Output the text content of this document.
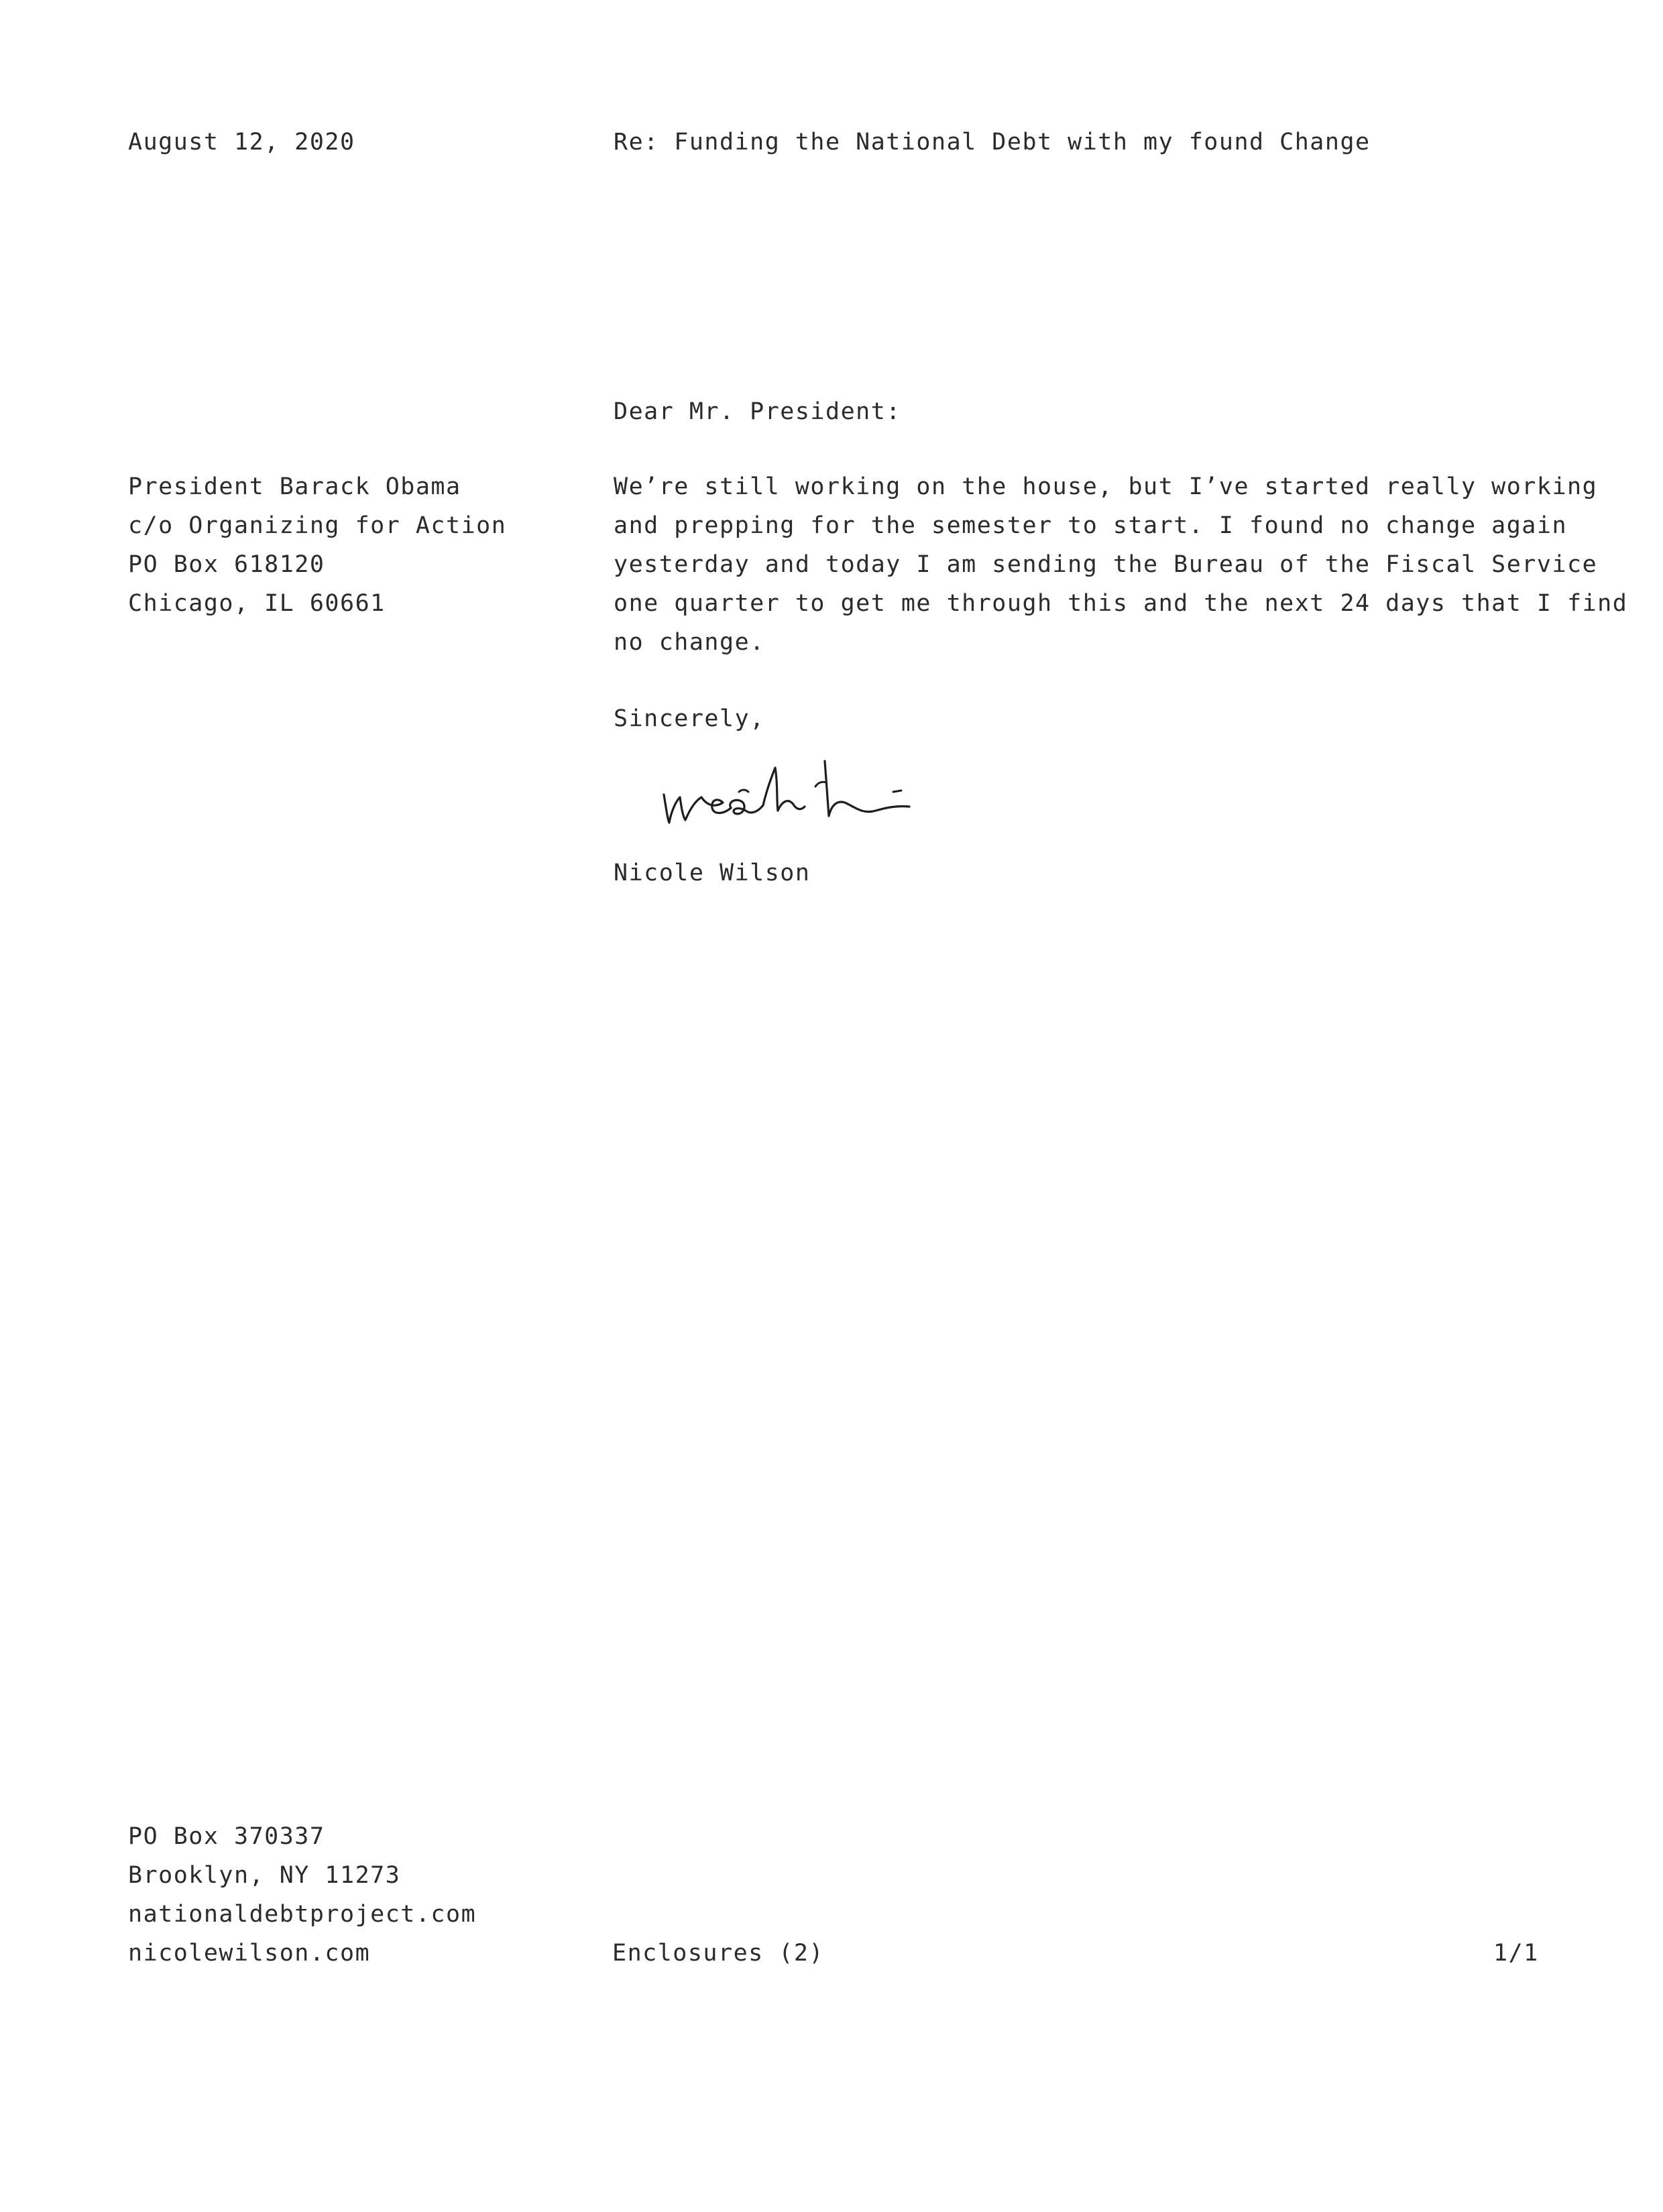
August 12, 2020	Re: Funding the National Debt with my found Change

Dear Mr. President:

President Barack Obama
c/o Organizing for Action
PO Box 618120
Chicago, IL 60661
We’re still working on the house, but I’ve started really working
and prepping for the semester to start. I found no change again
yesterday and today I am sending the Bureau of the Fiscal Service
one quarter to get me through this and the next 24 days that I find
no change.

Sincerely,

Nicole Wilson

PO Box 370337
Brooklyn, NY 11273
nationaldebtproject.com
nicolewilson.com	Enclosures (2)	1/1
